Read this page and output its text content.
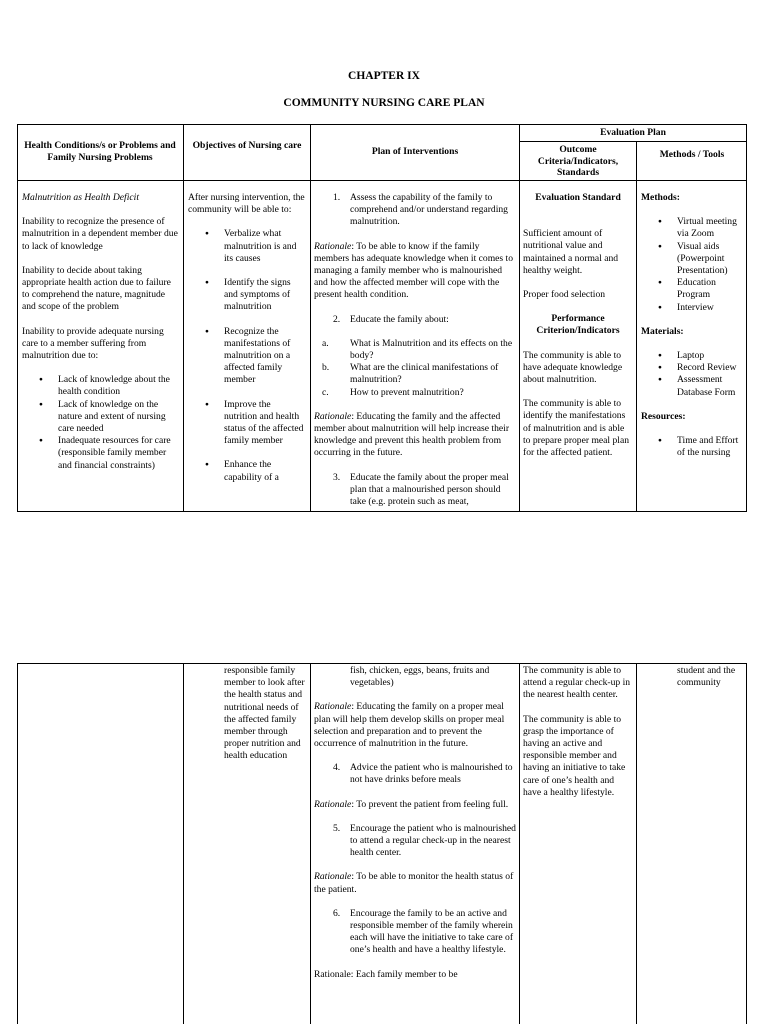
CHAPTER IX
COMMUNITY NURSING CARE PLAN
Health Conditions/s or Problems and Family Nursing Problems
Objectives of Nursing care
Plan of Interventions
Evaluation Plan
Outcome Criteria/Indicators, Standards
Methods / Tools

Malnutrition as Health Deficit

Inability to recognize the presence of malnutrition in a dependent member due to lack of knowledge

Inability to decide about taking appropriate health action due to failure to comprehend the nature, magnitude and scope of the problem

Inability to provide adequate nursing care to a member suffering from malnutrition due to:

● Lack of knowledge about the health condition
● Lack of knowledge on the nature and extent of nursing care needed
● Inadequate resources for care (responsible family member and financial constraints)

After nursing intervention, the community will be able to:

● Verbalize what malnutrition is and its causes
● Identify the signs and symptoms of malnutrition
● Recognize the manifestations of malnutrition on a affected family member
● Improve the nutrition and health status of the affected family member
● Enhance the capability of a
1. Assess the capability of the family to comprehend and/or understand regarding malnutrition.

Rationale: To be able to know if the family members has adequate knowledge when it comes to managing a family member who is malnourished and how the affected member will cope with the present health condition.

2. Educate the family about:
a. What is Malnutrition and its effects on the body?
b. What are the clinical manifestations of malnutrition?
c. How to prevent malnutrition?

Rationale: Educating the family and the affected member about malnutrition will help increase their knowledge and prevent this health problem from occurring in the future.

3. Educate the family about the proper meal plan that a malnourished person should take (e.g. protein such as meat,

Evaluation Standard

Sufficient amount of nutritional value and maintained a normal and healthy weight.

Proper food selection

Performance Criterion/Indicators

The community is able to have adequate knowledge about malnutrition.

The community is able to identify the manifestations of malnutrition and is able to prepare proper meal plan for the affected patient.

Methods:

● Virtual meeting via Zoom
● Visual aids (Powerpoint Presentation)
● Education Program
● Interview

Materials:

● Laptop
● Record Review
● Assessment Database Form

Resources:

● Time and Effort of the nursing
responsible family member to look after the health status and nutritional needs of the affected family member through proper nutrition and health education
fish, chicken, eggs, beans, fruits and vegetables)

Rationale: Educating the family on a proper meal plan will help them develop skills on proper meal selection and preparation and to prevent the occurrence of malnutrition in the future.

4. Advice the patient who is malnourished to not have drinks before meals

Rationale: To prevent the patient from feeling full.

5. Encourage the patient who is malnourished to attend a regular check-up in the nearest health center.

Rationale: To be able to monitor the health status of the patient.

6. Encourage the family to be an active and responsible member of the family wherein each will have the initiative to take care of one’s health and have a healthy lifestyle.

Rationale: Each family member to be

The community is able to attend a regular check-up in the nearest health center.

The community is able to grasp the importance of having an active and responsible member and having an initiative to take care of one’s health and have a healthy lifestyle.

student and the community
